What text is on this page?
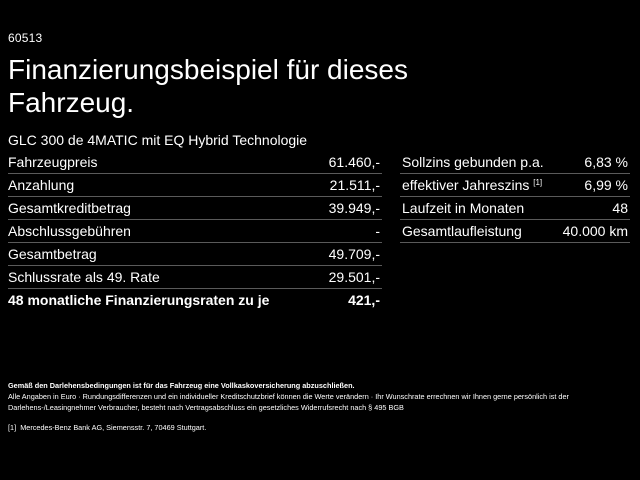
60513
Finanzierungsbeispiel für dieses Fahrzeug.
GLC 300 de 4MATIC mit EQ Hybrid Technologie
Fahrzeugpreis	61.460,-
Anzahlung	21.511,-
Gesamtkreditbetrag	39.949,-
Abschlussgebühren	-
Gesamtbetrag	49.709,-
Schlussrate als 49. Rate	29.501,-
48 monatliche Finanzierungsraten zu je	421,-
Sollzins gebunden p.a.	6,83 %
effektiver Jahreszins [1]	6,99 %
Laufzeit in Monaten	48
Gesamtlaufleistung	40.000 km

Gemäß den Darlehensbedingungen ist für das Fahrzeug eine Vollkaskoversicherung abzuschließen.

Alle Angaben in Euro · Rundungsdifferenzen und ein individueller Kreditschutzbrief können die Werte verändern · Ihr Wunschrate errechnen wir Ihnen gerne persönlich ist der Darlehens-/Leasingnehmer Verbraucher, besteht nach Vertragsabschluss ein gesetzliches Widerrufsrecht nach § 495 BGB

[1] Mercedes-Benz Bank AG, Siemensstr. 7, 70469 Stuttgart.
